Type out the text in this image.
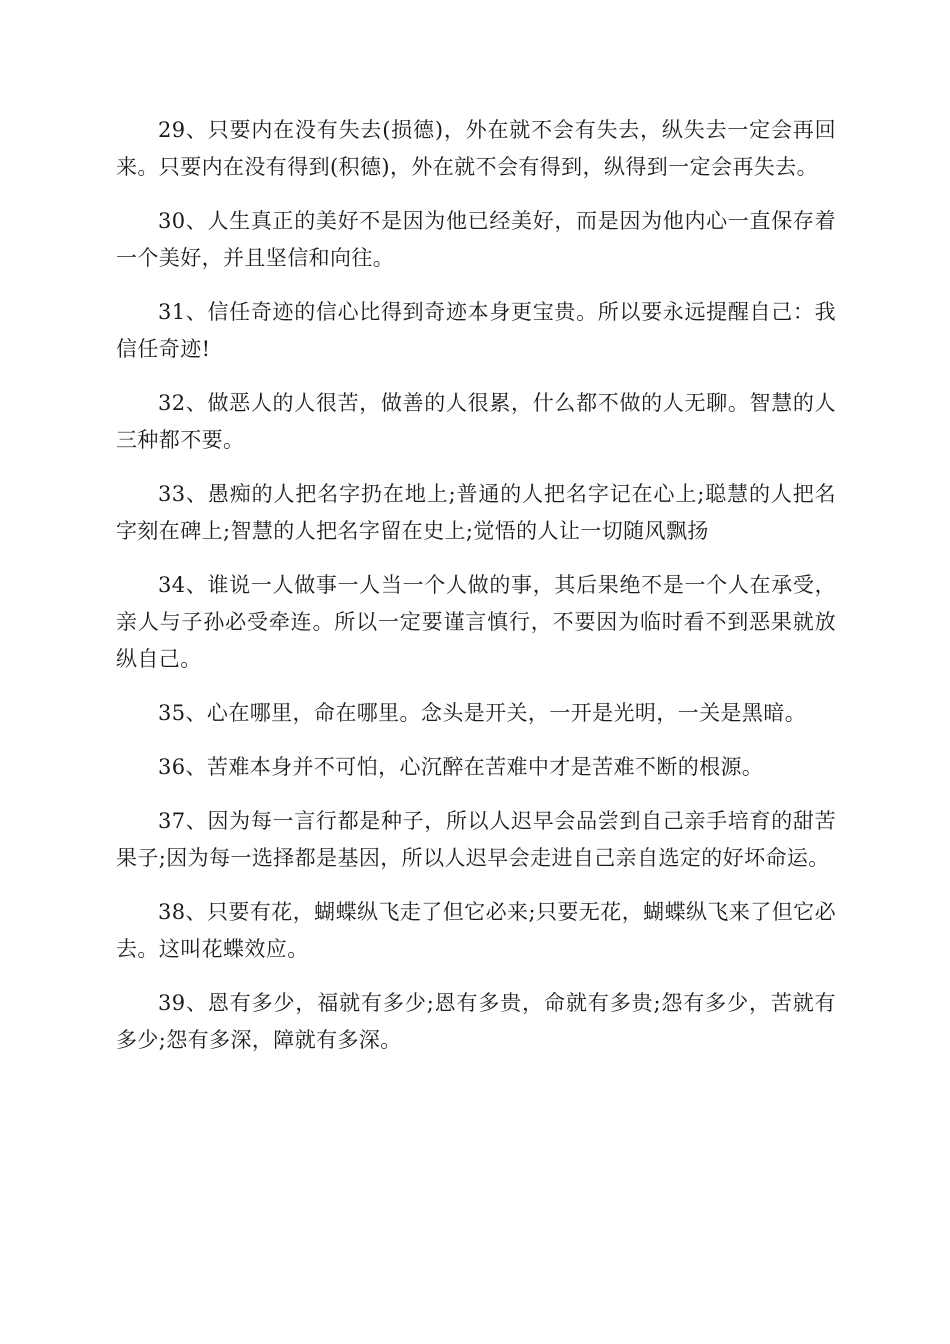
29、只要内在没有失去(损德)，外在就不会有失去，纵失去一定会再回来。只要内在没有得到(积德)，外在就不会有得到，纵得到一定会再失去。

30、人生真正的美好不是因为他已经美好，而是因为他内心一直保存着一个美好，并且坚信和向往。

31、信任奇迹的信心比得到奇迹本身更宝贵。所以要永远提醒自己：我信任奇迹!

32、做恶人的人很苦，做善的人很累，什么都不做的人无聊。智慧的人三种都不要。

33、愚痴的人把名字扔在地上;普通的人把名字记在心上;聪慧的人把名字刻在碑上;智慧的人把名字留在史上;觉悟的人让一切随风飘扬

34、谁说一人做事一人当一个人做的事，其后果绝不是一个人在承受，亲人与子孙必受牵连。所以一定要谨言慎行，不要因为临时看不到恶果就放纵自己。

35、心在哪里，命在哪里。念头是开关，一开是光明，一关是黑暗。

36、苦难本身并不可怕，心沉醉在苦难中才是苦难不断的根源。

37、因为每一言行都是种子，所以人迟早会品尝到自己亲手培育的甜苦果子;因为每一选择都是基因，所以人迟早会走进自己亲自选定的好坏命运。

38、只要有花，蝴蝶纵飞走了但它必来;只要无花，蝴蝶纵飞来了但它必去。这叫花蝶效应。

39、恩有多少，福就有多少;恩有多贵，命就有多贵;怨有多少，苦就有多少;怨有多深，障就有多深。
